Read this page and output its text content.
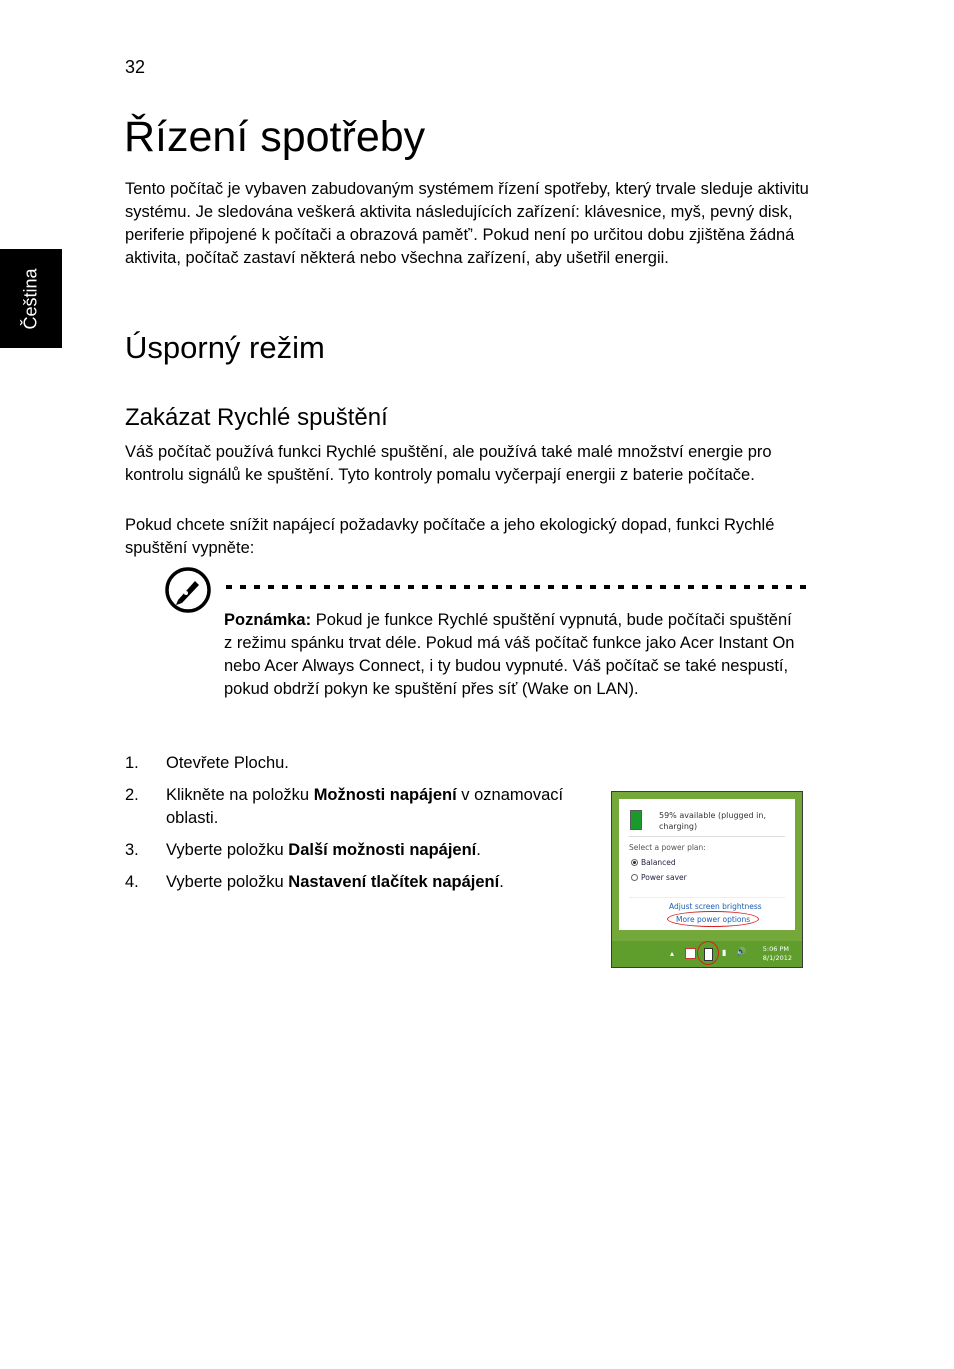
32
Čeština
Řízení spotřeby

Tento počítač je vybaven zabudovaným systémem řízení spotřeby, který trvale sleduje aktivitu systému. Je sledována veškerá aktivita následujících zařízení: klávesnice, myš, pevný disk, periferie připojené k počítači a obrazová paměť’. Pokud není po určitou dobu zjištěna žádná aktivita, počítač zastaví některá nebo všechna zařízení, aby ušetřil energii.

Úsporný režim
Zakázat Rychlé spuštění

Váš počítač používá funkci Rychlé spuštění, ale používá také malé množství energie pro kontrolu signálů ke spuštění. Tyto kontroly pomalu vyčerpají energii z baterie počítače.

Pokud chcete snížit napájecí požadavky počítače a jeho ekologický dopad, funkci Rychlé spuštění vypněte:

Poznámka: Pokud je funkce Rychlé spuštění vypnutá, bude počítači spuštění z režimu spánku trvat déle. Pokud má váš počítač funkce jako Acer Instant On nebo Acer Always Connect, i ty budou vypnuté. Váš počítač se také nespustí, pokud obdrží pokyn ke spuštění přes síť (Wake on LAN).

1. Otevřete Plochu.
2. Klikněte na položku Možnosti napájení v oznamovací oblasti.
3. Vyberte položku Další možnosti napájení.
4. Vyberte položku Nastavení tlačítek napájení.
59% available (plugged in, charging)
Select a power plan:
Balanced
Power saver
Adjust screen brightness
More power options
▴	▮ 🔊	5:06 PM
8/1/2012
